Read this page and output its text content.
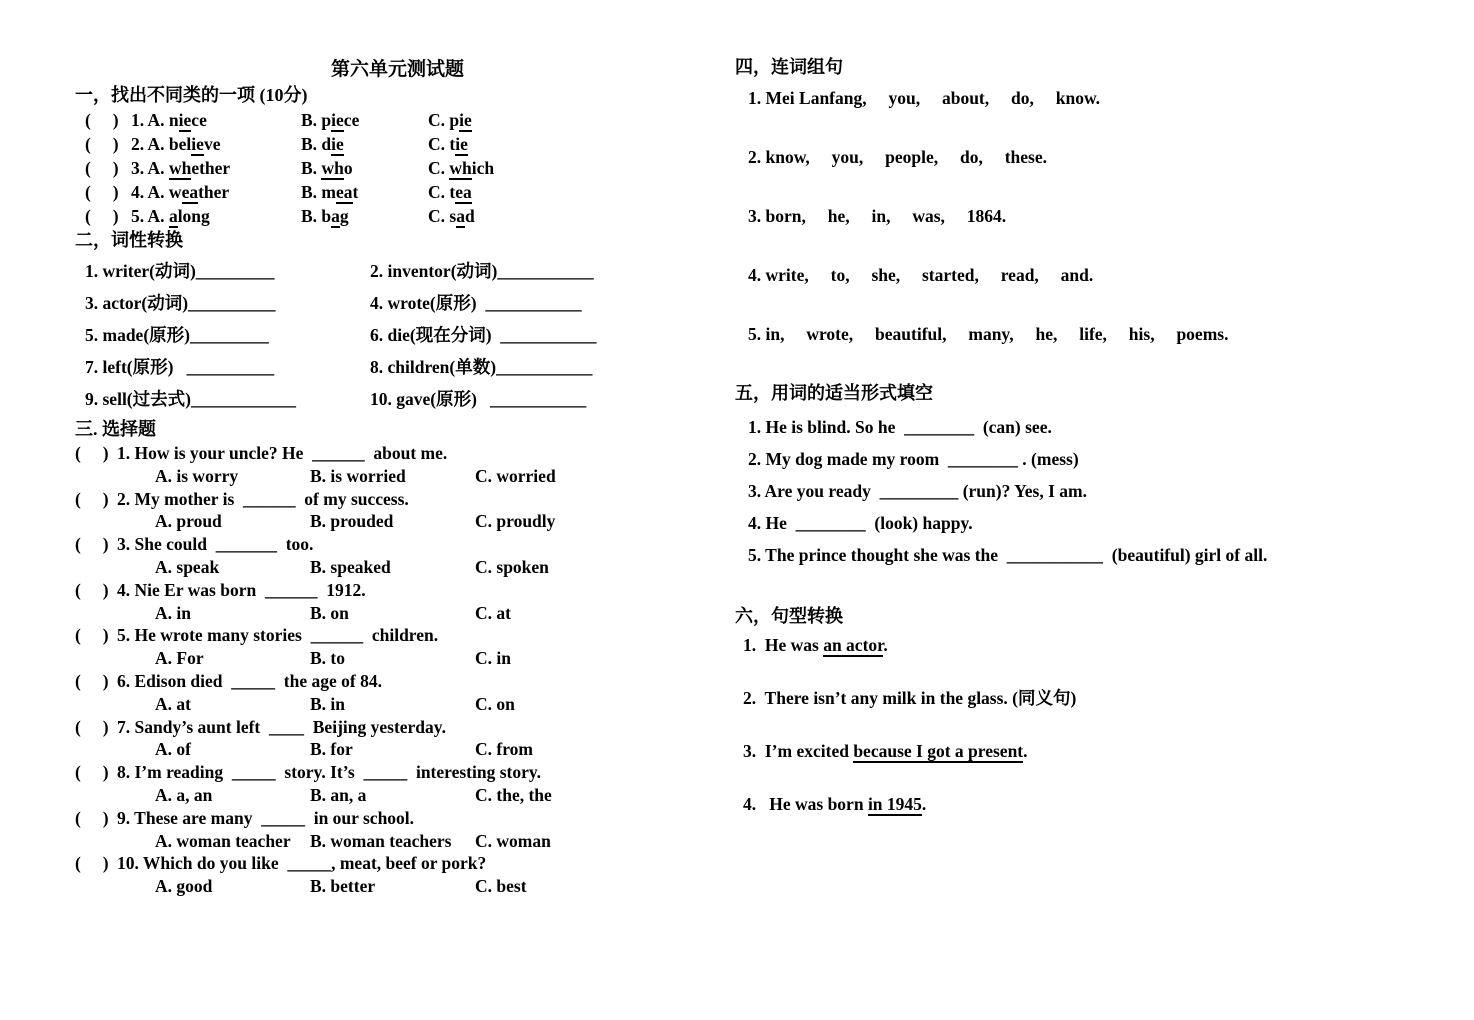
第六单元测试题
一，找出不同类的一项 (10分)
(     ) 1. A. niece	B. piece	C. pie
(     ) 2. A. believe	B. die	C. tie
(     ) 3. A. whether	B. who	C. which
(     ) 4. A. weather	B. meat	C. tea
(     ) 5. A. along	B. bag	C. sad
二，词性转换
1. writer(动词)_________	2. inventor(动词)___________
3. actor(动词)__________	4. wrote(原形)  ___________
5. made(原形)_________	6. die(现在分词)  ___________
7. left(原形)   __________	8. children(单数)___________
9. sell(过去式)____________	10. gave(原形)   ___________
三. 选择题
(     ) 1. How is your uncle? He  ______  about me.
A. is worry	B. is worried	C. worried
(     ) 2. My mother is  ______  of my success.
A. proud	B. prouded	C. proudly
(     ) 3. She could  _______  too.
A. speak	B. speaked	C. spoken
(     ) 4. Nie Er was born  ______  1912.
A. in	B. on	C. at
(     ) 5. He wrote many stories  ______  children.
A. For	B. to	C. in
(     ) 6. Edison died  _____  the age of 84.
A. at	B. in	C. on
(     ) 7. Sandy’s aunt left  ____  Beijing yesterday.
A. of	B. for	C. from
(     ) 8. I’m reading  _____  story. It’s  _____  interesting story.
A. a, an	B. an, a	C. the, the
(     ) 9. These are many  _____  in our school.
A. woman teacher	B. woman teachers	C. woman
(     ) 10. Which do you like  _____, meat, beef or pork?
A. good	B. better	C. best
四，连词组句
1. Mei Lanfang,     you,     about,     do,     know.
2. know,     you,     people,     do,     these.
3. born,     he,     in,     was,     1864.
4. write,     to,     she,     started,     read,     and.
5. in,     wrote,     beautiful,     many,     he,     life,     his,     poems.
五，用词的适当形式填空
1. He is blind. So he  ________  (can) see.
2. My dog made my room  ________ . (mess)
3. Are you ready  _________ (run)? Yes, I am.
4. He  ________  (look) happy.
5. The prince thought she was the  ___________  (beautiful) girl of all.
六，句型转换
1.  He was an actor.
2.  There isn’t any milk in the glass. (同义句)
3.  I’m excited because I got a present.
4.   He was born in 1945.
